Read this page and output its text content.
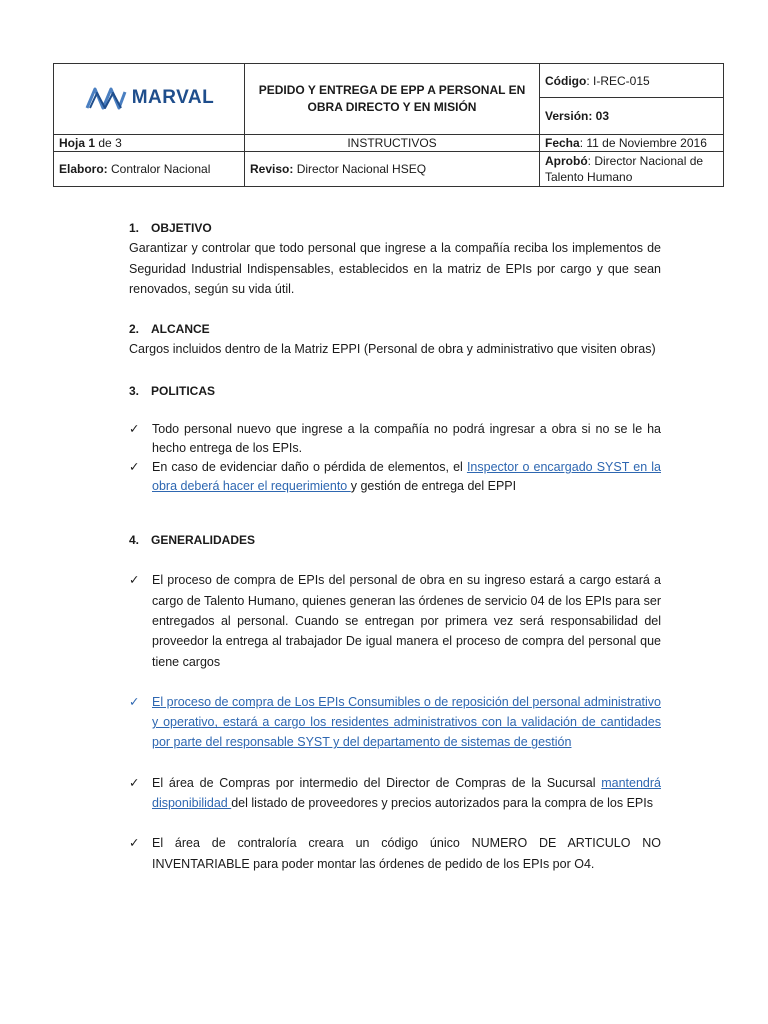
MARVAL	PEDIDO Y ENTREGA DE EPP A PERSONAL EN OBRA DIRECTO Y EN MISIÓN	Código: I-REC-015
		Versión: 03
Hoja 1 de 3	INSTRUCTIVOS	Fecha: 11 de Noviembre 2016
Elaboro: Contralor Nacional	Reviso: Director Nacional HSEQ	Aprobó: Director Nacional de Talento Humano

1. OBJETIVO

Garantizar y controlar que todo personal que ingrese a la compañía reciba los implementos de Seguridad Industrial Indispensables, establecidos en la matriz de EPIs por cargo y que sean renovados, según su vida útil.

2. ALCANCE

Cargos incluidos dentro de la Matriz EPPI (Personal de obra y administrativo que visiten obras)

3. POLITICAS

✓ Todo personal nuevo que ingrese a la compañía no podrá ingresar a obra si no se le ha hecho entrega de los EPIs.
✓ En caso de evidenciar daño o pérdida de elementos, el Inspector o encargado SYST en la obra deberá hacer el requerimiento y gestión de entrega del EPPI

4. GENERALIDADES

✓ El proceso de compra de EPIs del personal de obra en su ingreso estará a cargo estará a cargo de Talento Humano, quienes generan las órdenes de servicio 04 de los EPIs para ser entregados al personal. Cuando se entregan por primera vez será responsabilidad del proveedor la entrega al trabajador De igual manera el proceso de compra del personal que tiene cargos
✓ El proceso de compra de Los EPIs Consumibles o de reposición del personal administrativo y operativo, estará a cargo los residentes administrativos con la validación de cantidades por parte del responsable SYST y del departamento de sistemas de gestión
✓ El área de Compras por intermedio del Director de Compras de la Sucursal mantendrá disponibilidad del listado de proveedores y precios autorizados para la compra de los EPIs
✓ El área de contraloría creara un código único NUMERO DE ARTICULO NO INVENTARIABLE para poder montar las órdenes de pedido de los EPIs por O4.
